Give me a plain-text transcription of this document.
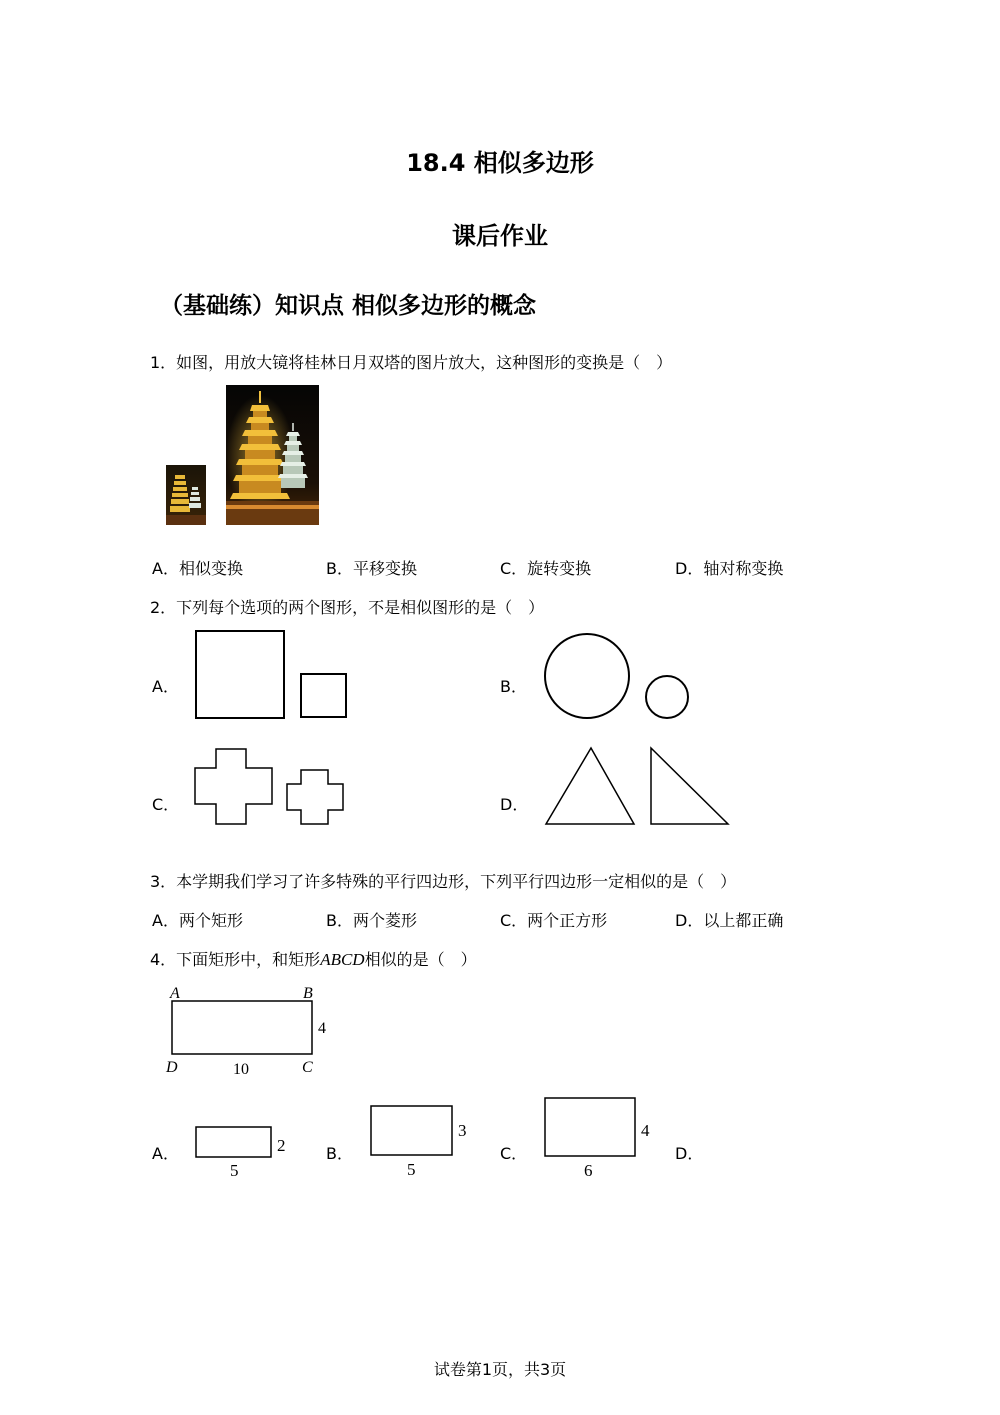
18.4 相似多边形
课后作业
（基础练）知识点 相似多边形的概念
1．如图，用放大镜将桂林日月双塔的图片放大，这种图形的变换是（　）
A．相似变换	B．平移变换	C．旋转变换	D．轴对称变换
2．下列每个选项的两个图形，不是相似图形的是（　）
A．	B．
C．	D．
3．本学期我们学习了许多特殊的平行四边形，下列平行四边形一定相似的是（　）
A．两个矩形	B．两个菱形	C．两个正方形	D．以上都正确
4．下面矩形中，和矩形ABCD相似的是（　）
A	B
C
D
4
10
A．	2
5
B．
3
5
C．
4
6
D．
试卷第1页，共3页
